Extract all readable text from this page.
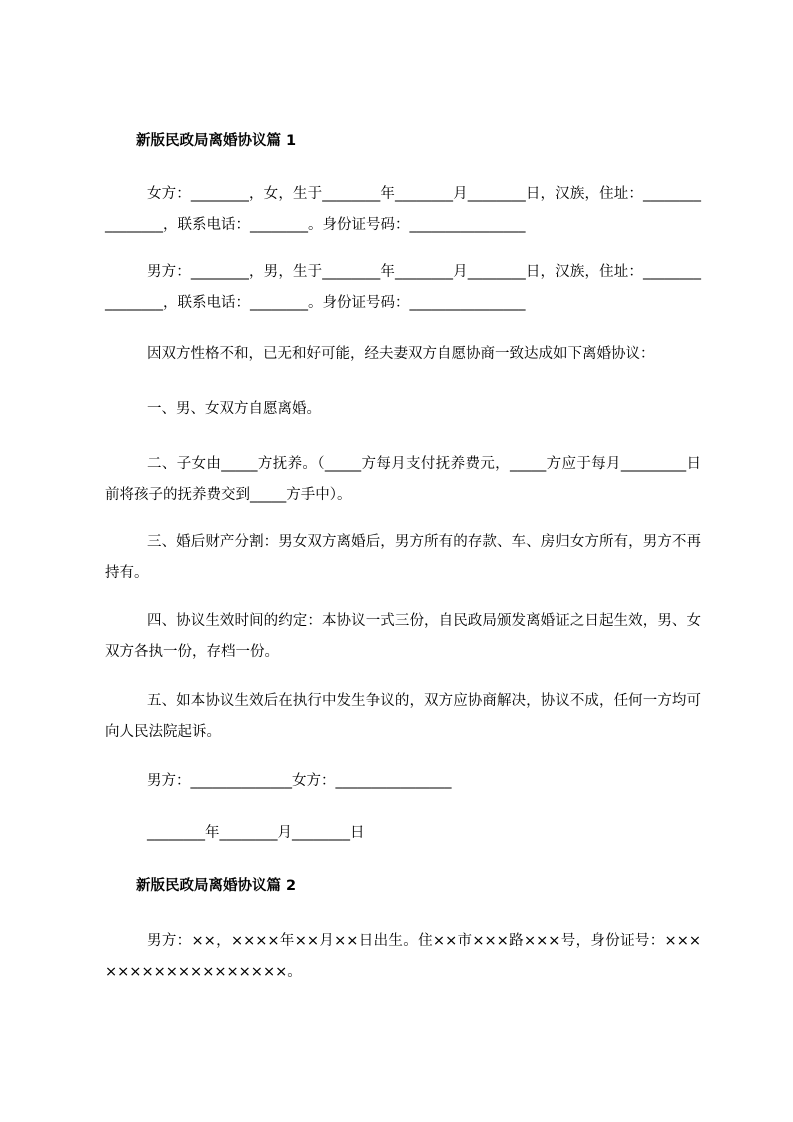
新版民政局离婚协议篇 1
女方：________，女，生于________年________月________日，汉族，住址：________________，联系电话：________。身份证号码：________________
男方：________，男，生于________年________月________日，汉族，住址：________________，联系电话：________。身份证号码：________________
因双方性格不和，已无和好可能，经夫妻双方自愿协商一致达成如下离婚协议：
一、男、女双方自愿离婚。
二、子女由_____方抚养。（_____方每月支付抚养费元，_____方应于每月_________日前将孩子的抚养费交到_____方手中）。
三、婚后财产分割：男女双方离婚后，男方所有的存款、车、房归女方所有，男方不再持有。
四、协议生效时间的约定：本协议一式三份，自民政局颁发离婚证之日起生效，男、女双方各执一份，存档一份。
五、如本协议生效后在执行中发生争议的，双方应协商解决，协议不成，任何一方均可向人民法院起诉。
男方：______________女方：________________
________年________月________日
新版民政局离婚协议篇 2
男方：××，××××年××月××日出生。住××市×××路×××号，身份证号：××××××××××××××××××。
